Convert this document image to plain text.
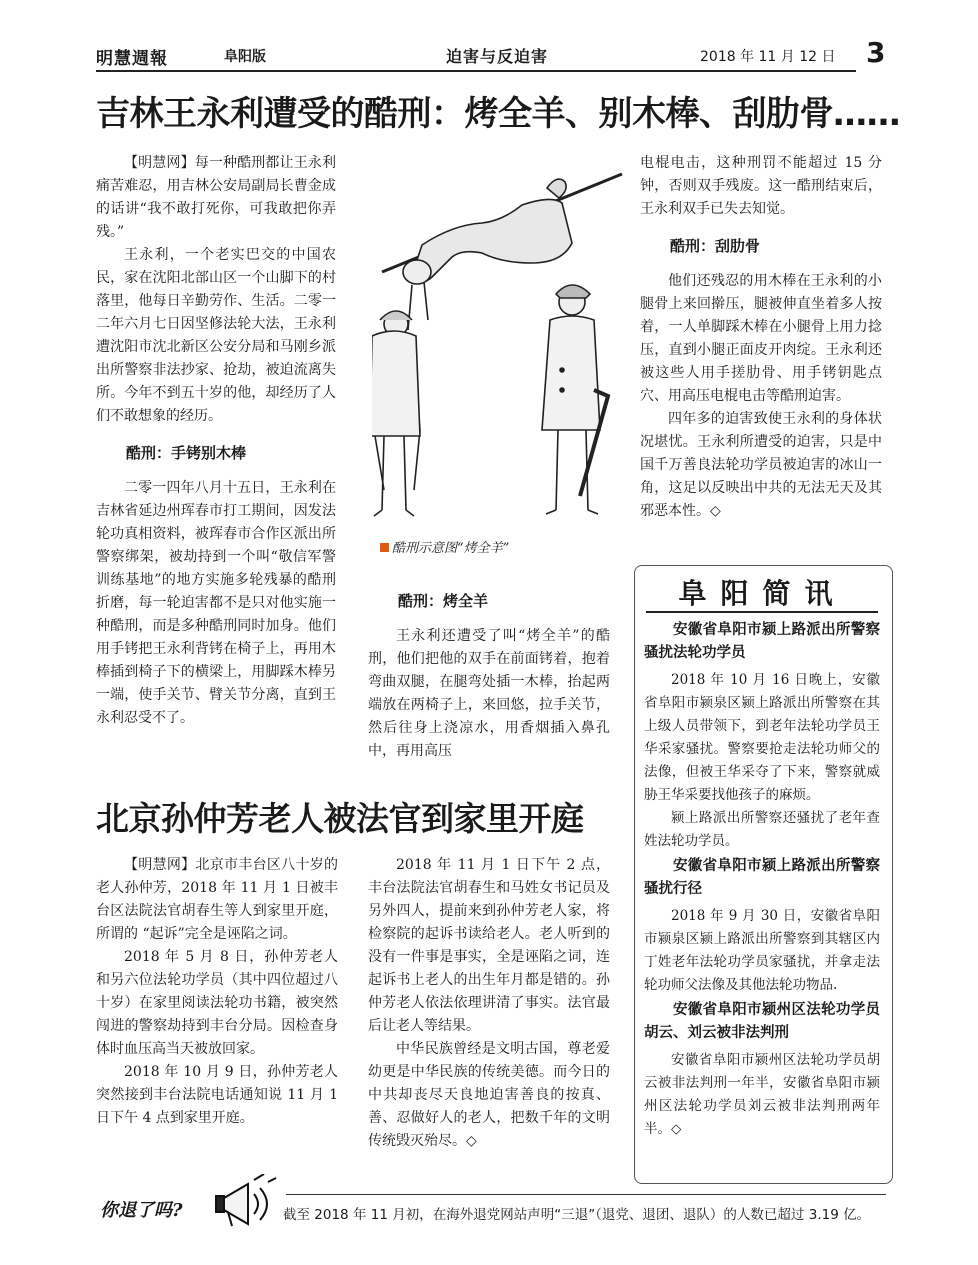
明慧週報	阜阳版	迫害与反迫害	2018 年 11 月 12 日 3
吉林王永利遭受的酷刑：烤全羊、别木棒、刮肋骨……

【明慧网】每一种酷刑都让王永利痛苦难忍，用吉林公安局副局长曹金成的话讲“我不敢打死你，可我敢把你弄残。”

王永利，一个老实巴交的中国农民，家在沈阳北部山区一个山脚下的村落里，他每日辛勤劳作、生活。二零一二年六月七日因坚修法轮大法，王永利遭沈阳市沈北新区公安分局和马刚乡派出所警察非法抄家、抢劫，被迫流离失所。今年不到五十岁的他，却经历了人们不敢想象的经历。

酷刑：手铐别木棒

二零一四年八月十五日，王永利在吉林省延边州珲春市打工期间，因发法轮功真相资料，被珲春市合作区派出所警察绑架，被劫持到一个叫“敬信军警训练基地”的地方实施多轮残暴的酷刑折磨，每一轮迫害都不是只对他实施一种酷刑，而是多种酷刑同时加身。他们用手铐把王永利背铐在椅子上，再用木棒插到椅子下的横梁上，用脚踩木棒另一端，使手关节、臂关节分离，直到王永利忍受不了。

酷刑示意图“烤全羊”

酷刑：烤全羊

王永利还遭受了叫“烤全羊”的酷刑，他们把他的双手在前面铐着，抱着弯曲双腿，在腿弯处插一木棒，抬起两端放在两椅子上，来回悠，拉手关节，然后往身上浇凉水，用香烟插入鼻孔中，再用高压

电棍电击，这种刑罚不能超过 15 分钟，否则双手残废。这一酷刑结束后，王永利双手已失去知觉。

酷刑：刮肋骨

他们还残忍的用木棒在王永利的小腿骨上来回擀压，腿被伸直坐着多人按着，一人单脚踩木棒在小腿骨上用力捻压，直到小腿正面皮开肉绽。王永利还被这些人用手搓肋骨、用手铐钥匙点穴、用高压电棍电击等酷刑迫害。

四年多的迫害致使王永利的身体状况堪忧。王永利所遭受的迫害，只是中国千万善良法轮功学员被迫害的冰山一角，这足以反映出中共的无法无天及其邪恶本性。◇

北京孙仲芳老人被法官到家里开庭

【明慧网】北京市丰台区八十岁的老人孙仲芳，2018 年 11 月 1 日被丰台区法院法官胡春生等人到家里开庭，所谓的 “起诉”完全是诬陷之词。

2018 年 5 月 8 日，孙仲芳老人和另六位法轮功学员（其中四位超过八十岁）在家里阅读法轮功书籍，被突然闯进的警察劫持到丰台分局。因检查身体时血压高当天被放回家。

2018 年 10 月 9 日，孙仲芳老人突然接到丰台法院电话通知说 11 月 1 日下午 4 点到家里开庭。

2018 年 11 月 1 日下午 2 点，丰台法院法官胡春生和马姓女书记员及另外四人，提前来到孙仲芳老人家，将检察院的起诉书读给老人。老人听到的没有一件事是事实，全是诬陷之词，连起诉书上老人的出生年月都是错的。孙仲芳老人依法依理讲清了事实。法官最后让老人等结果。

中华民族曾经是文明古国，尊老爱幼更是中华民族的传统美德。而今日的中共却丧尽天良地迫害善良的按真、善、忍做好人的老人，把数千年的文明传统毁灭殆尽。◇

阜阳简讯

安徽省阜阳市颍上路派出所警察骚扰法轮功学员

2018 年 10 月 16 日晚上，安徽省阜阳市颍泉区颍上路派出所警察在其上级人员带领下，到老年法轮功学员王华采家骚扰。警察要抢走法轮功师父的法像，但被王华采夺了下来，警察就威胁王华采要找他孩子的麻烦。

颍上路派出所警察还骚扰了老年查姓法轮功学员。

安徽省阜阳市颍上路派出所警察骚扰行径

2018 年 9 月 30 日，安徽省阜阳市颍泉区颍上路派出所警察到其辖区内丁姓老年法轮功学员家骚扰，并拿走法轮功师父法像及其他法轮功物品.

安徽省阜阳市颍州区法轮功学员胡云、刘云被非法判刑

安徽省阜阳市颍州区法轮功学员胡云被非法判刑一年半，安徽省阜阳市颍州区法轮功学员刘云被非法判刑两年半。◇

你退了吗?	截至 2018 年 11 月初，在海外退党网站声明“三退”（退党、退团、退队）的人数已超过 3.19 亿。
